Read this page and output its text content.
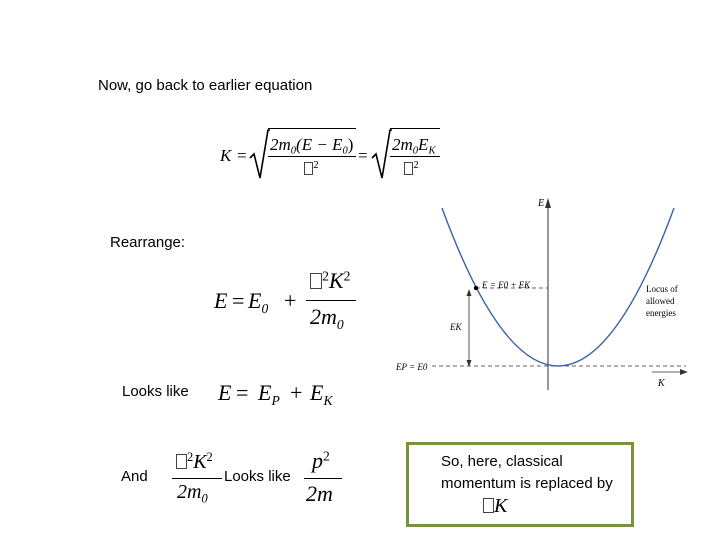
Now, go back to earlier equation
Rearrange:
Looks like
And	Looks like
K =
$2m_0(E - E_0)$
$^2$
=
$2m_0E_K$
$^2$
$E = E_0$ +
$^2K^2$
$2m_0$
$E = E_P + E_K$
$^2K^2$
$2m_0$
$p^2$
2m
E
K
E = E0 + EK
EK
EP = E0
Locus of
allowed
energies
So, here, classical momentum is replaced by
K
